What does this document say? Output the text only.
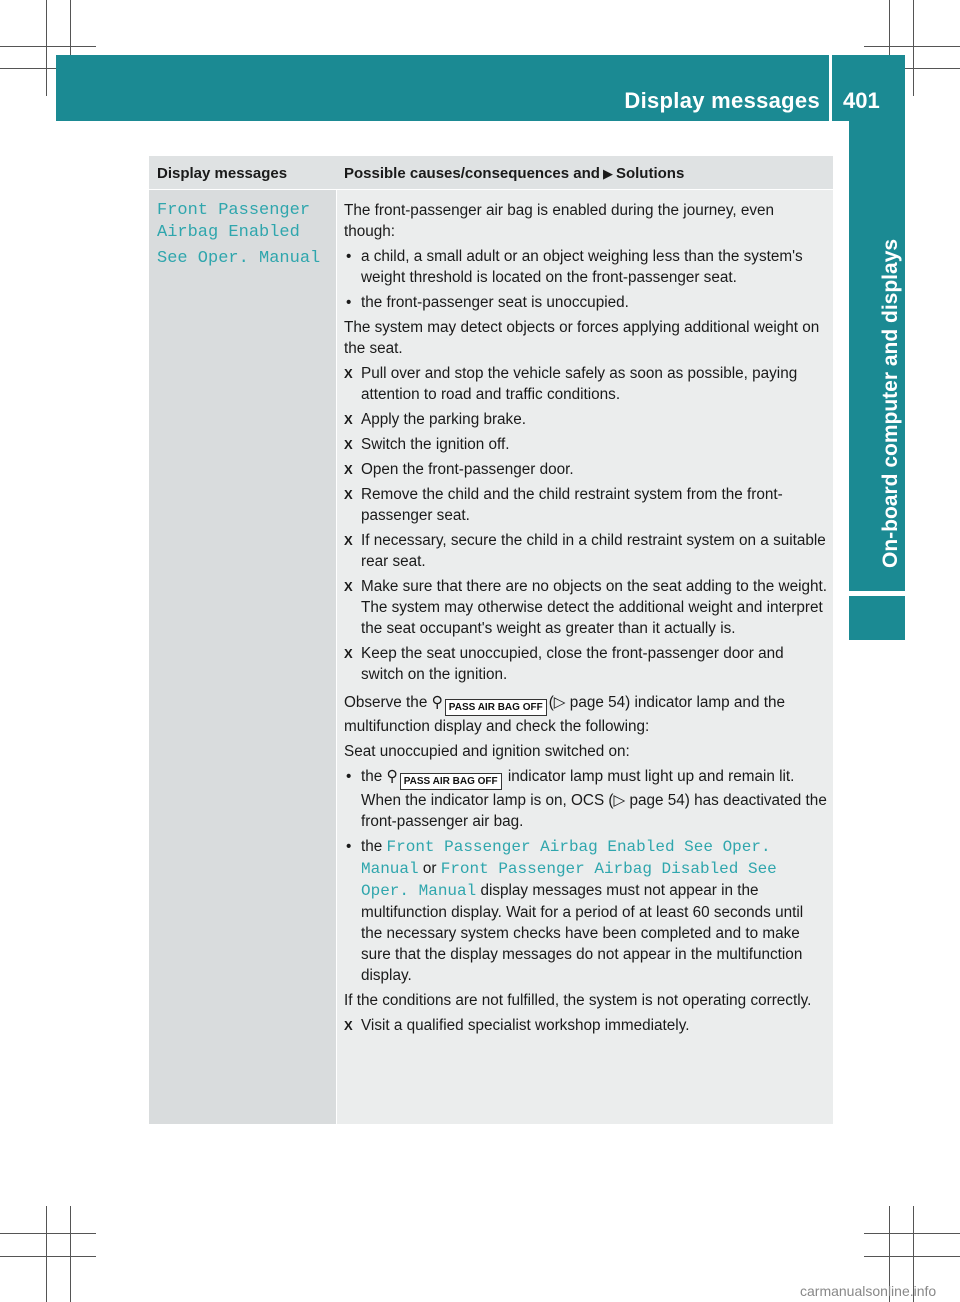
Display messages 401
On-board computer and displays
Display messages	Possible causes/consequences and ▶ Solutions
Front Passenger
Airbag Enabled
See Oper. Manual

The front-passenger air bag is enabled during the journey, even though:

• a child, a small adult or an object weighing less than the system's weight threshold is located on the front-passenger seat.
• the front-passenger seat is unoccupied.

The system may detect objects or forces applying additional weight on the seat.

X Pull over and stop the vehicle safely as soon as possible, paying attention to road and traffic conditions.
X Apply the parking brake.
X Switch the ignition off.
X Open the front-passenger door.
X Remove the child and the child restraint system from the front-passenger seat.
X If necessary, secure the child in a child restraint system on a suitable rear seat.
X Make sure that there are no objects on the seat adding to the weight.
The system may otherwise detect the additional weight and interpret the seat occupant's weight as greater than it actually is.
X Keep the seat unoccupied, close the front-passenger door and switch on the ignition.

Observe the ⚲ PASS AIR BAG OFF (▷ page 54) indicator lamp and the multifunction display and check the following:

Seat unoccupied and ignition switched on:

• the ⚲ PASS AIR BAG OFF indicator lamp must light up and remain lit. When the indicator lamp is on, OCS (▷ page 54) has deactivated the front-passenger air bag.
• the Front Passenger Airbag Enabled See Oper. Manual or Front Passenger Airbag Disabled See Oper. Manual display messages must not appear in the multifunction display. Wait for a period of at least 60 seconds until the necessary system checks have been completed and to make sure that the display messages do not appear in the multifunction display.

If the conditions are not fulfilled, the system is not operating correctly.

X Visit a qualified specialist workshop immediately.
carmanualsonline.info
